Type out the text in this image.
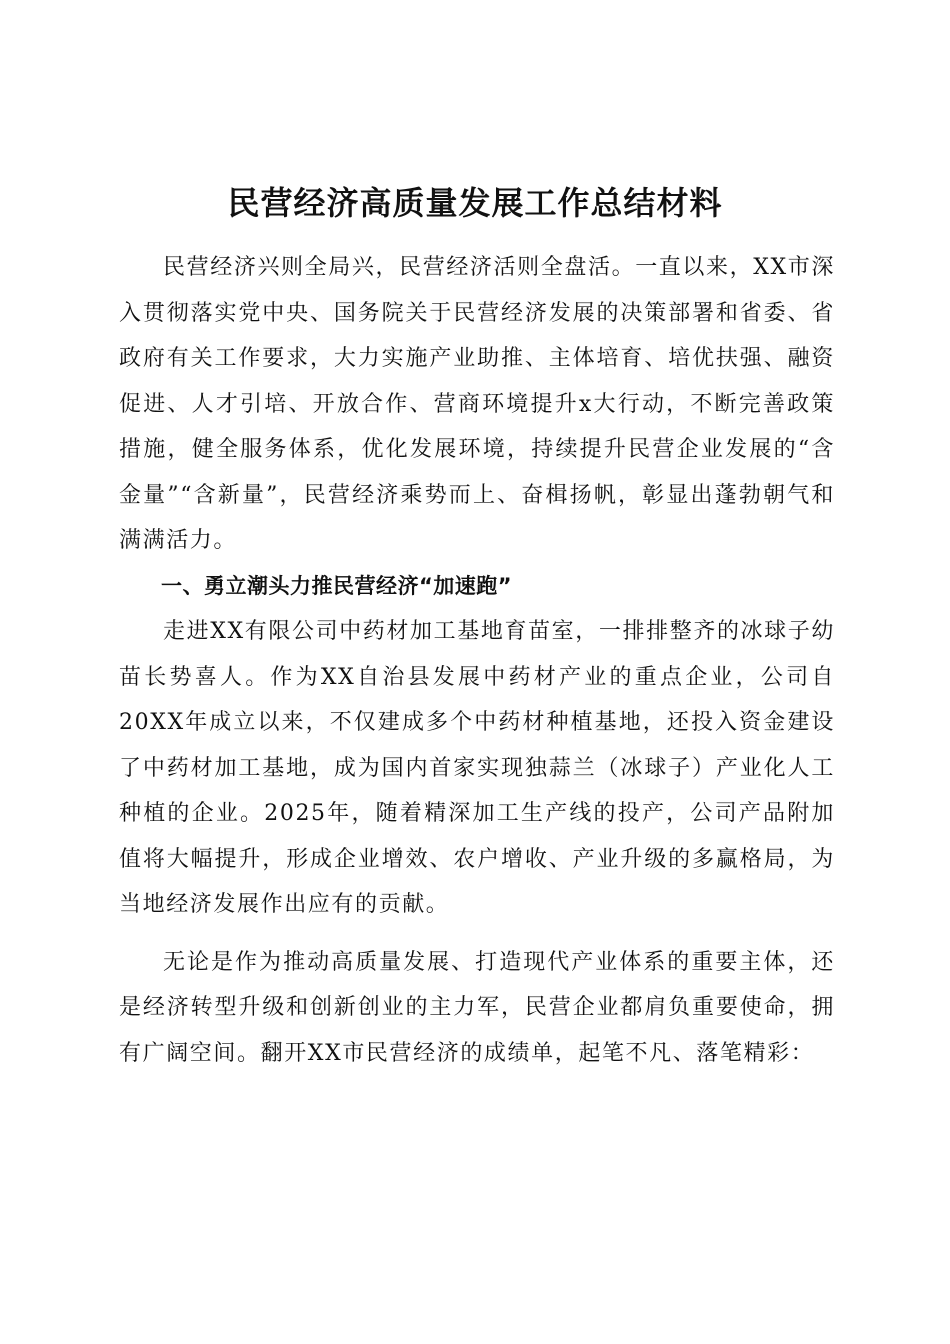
民营经济高质量发展工作总结材料

民营经济兴则全局兴，民营经济活则全盘活。一直以来，XX市深入贯彻落实党中央、国务院关于民营经济发展的决策部署和省委、省政府有关工作要求，大力实施产业助推、主体培育、培优扶强、融资促进、人才引培、开放合作、营商环境提升x大行动，不断完善政策措施，健全服务体系，优化发展环境，持续提升民营企业发展的“含金量”“含新量”，民营经济乘势而上、奋楫扬帆，彰显出蓬勃朝气和满满活力。

一、勇立潮头力推民营经济“加速跑”

走进XX有限公司中药材加工基地育苗室，一排排整齐的冰球子幼苗长势喜人。作为XX自治县发展中药材产业的重点企业，公司自20XX年成立以来，不仅建成多个中药材种植基地，还投入资金建设了中药材加工基地，成为国内首家实现独蒜兰（冰球子）产业化人工种植的企业。2025年，随着精深加工生产线的投产，公司产品附加值将大幅提升，形成企业增效、农户增收、产业升级的多赢格局，为当地经济发展作出应有的贡献。

无论是作为推动高质量发展、打造现代产业体系的重要主体，还是经济转型升级和创新创业的主力军，民营企业都肩负重要使命，拥有广阔空间。翻开XX市民营经济的成绩单，起笔不凡、落笔精彩：
